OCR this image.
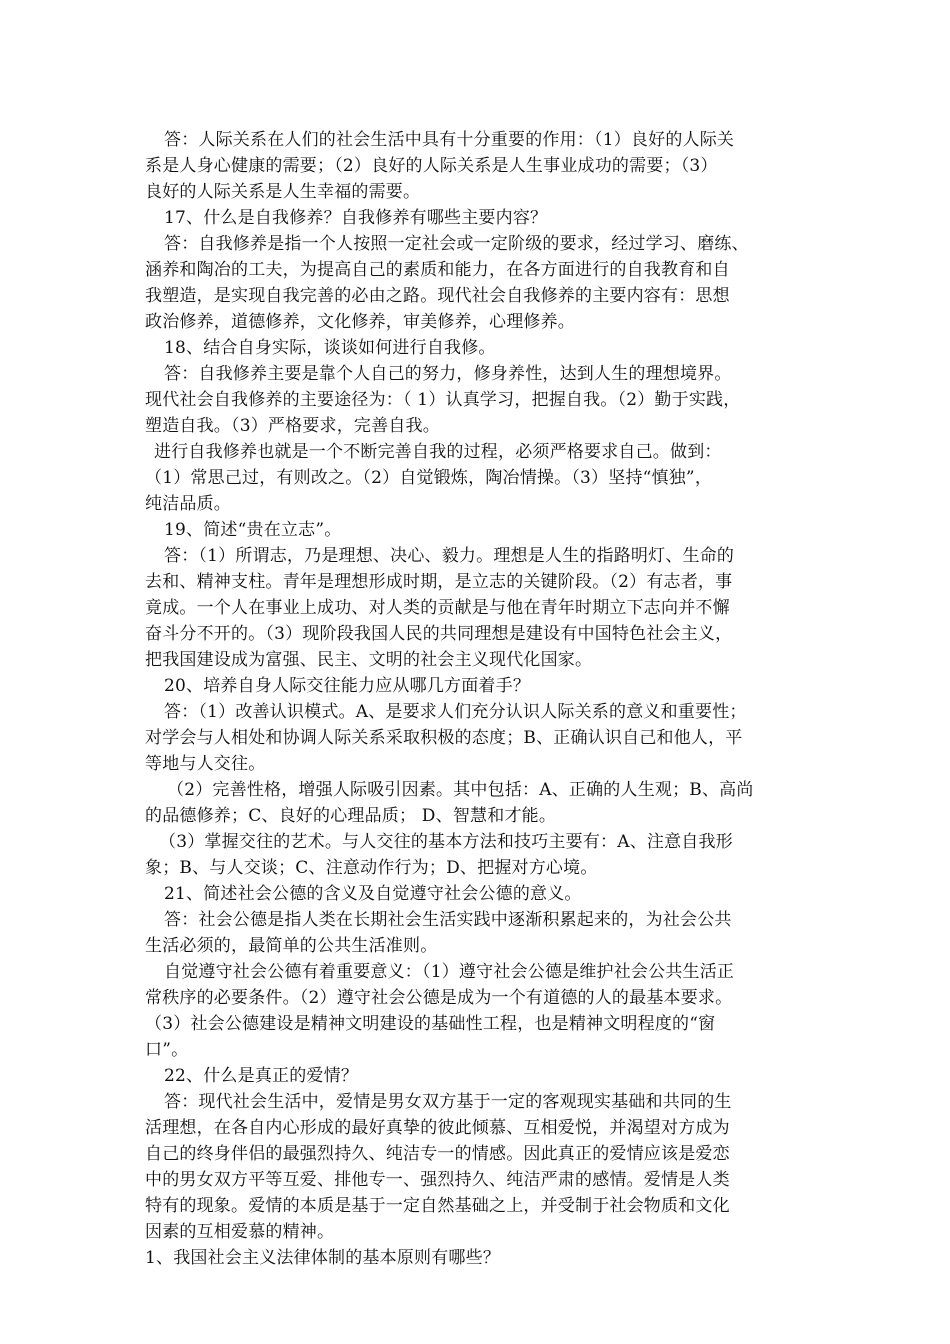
答：人际关系在人们的社会生活中具有十分重要的作用：（1）良好的人际关
系是人身心健康的需要；（2）良好的人际关系是人生事业成功的需要；（3）
良好的人际关系是人生幸福的需要。
17、什么是自我修养？自我修养有哪些主要内容？
答：自我修养是指一个人按照一定社会或一定阶级的要求，经过学习、磨练、
涵养和陶冶的工夫，为提高自己的素质和能力，在各方面进行的自我教育和自
我塑造，是实现自我完善的必由之路。现代社会自我修养的主要内容有：思想
政治修养，道德修养，文化修养，审美修养，心理修养。
18、结合自身实际，谈谈如何进行自我修。
答：自我修养主要是靠个人自己的努力，修身养性，达到人生的理想境界。
现代社会自我修养的主要途径为：（ 1）认真学习，把握自我。（2）勤于实践，
塑造自我。（3）严格要求，完善自我。
进行自我修养也就是一个不断完善自我的过程，必须严格要求自己。做到：
（1）常思己过，有则改之。（2）自觉锻炼，陶冶情操。（3）坚持“慎独”，
纯洁品质。
19、简述“贵在立志”。
答：（1）所谓志，乃是理想、决心、毅力。理想是人生的指路明灯、生命的
去和、精神支柱。青年是理想形成时期，是立志的关键阶段。（2）有志者，事
竟成。一个人在事业上成功、对人类的贡献是与他在青年时期立下志向并不懈
奋斗分不开的。（3）现阶段我国人民的共同理想是建设有中国特色社会主义，
把我国建设成为富强、民主、文明的社会主义现代化国家。
20、培养自身人际交往能力应从哪几方面着手？
答：（1）改善认识模式。A、是要求人们充分认识人际关系的意义和重要性；
对学会与人相处和协调人际关系采取积极的态度；B、正确认识自己和他人，平
等地与人交往。
（2）完善性格，增强人际吸引因素。其中包括：A、正确的人生观；B、高尚
的品德修养；C、良好的心理品质； D、智慧和才能。
（3）掌握交往的艺术。与人交往的基本方法和技巧主要有：A、注意自我形
象；B、与人交谈；C、注意动作行为；D、把握对方心境。
21、简述社会公德的含义及自觉遵守社会公德的意义。
答：社会公德是指人类在长期社会生活实践中逐渐积累起来的，为社会公共
生活必须的，最简单的公共生活准则。
自觉遵守社会公德有着重要意义：（1）遵守社会公德是维护社会公共生活正
常秩序的必要条件。（2）遵守社会公德是成为一个有道德的人的最基本要求。
（3）社会公德建设是精神文明建设的基础性工程，也是精神文明程度的“窗
口”。
22、什么是真正的爱情？
答：现代社会生活中，爱情是男女双方基于一定的客观现实基础和共同的生
活理想，在各自内心形成的最好真挚的彼此倾慕、互相爱悦，并渴望对方成为
自己的终身伴侣的最强烈持久、纯洁专一的情感。因此真正的爱情应该是爱恋
中的男女双方平等互爱、排他专一、强烈持久、纯洁严肃的感情。爱情是人类
特有的现象。爱情的本质是基于一定自然基础之上，并受制于社会物质和文化
因素的互相爱慕的精神。
1、我国社会主义法律体制的基本原则有哪些？
